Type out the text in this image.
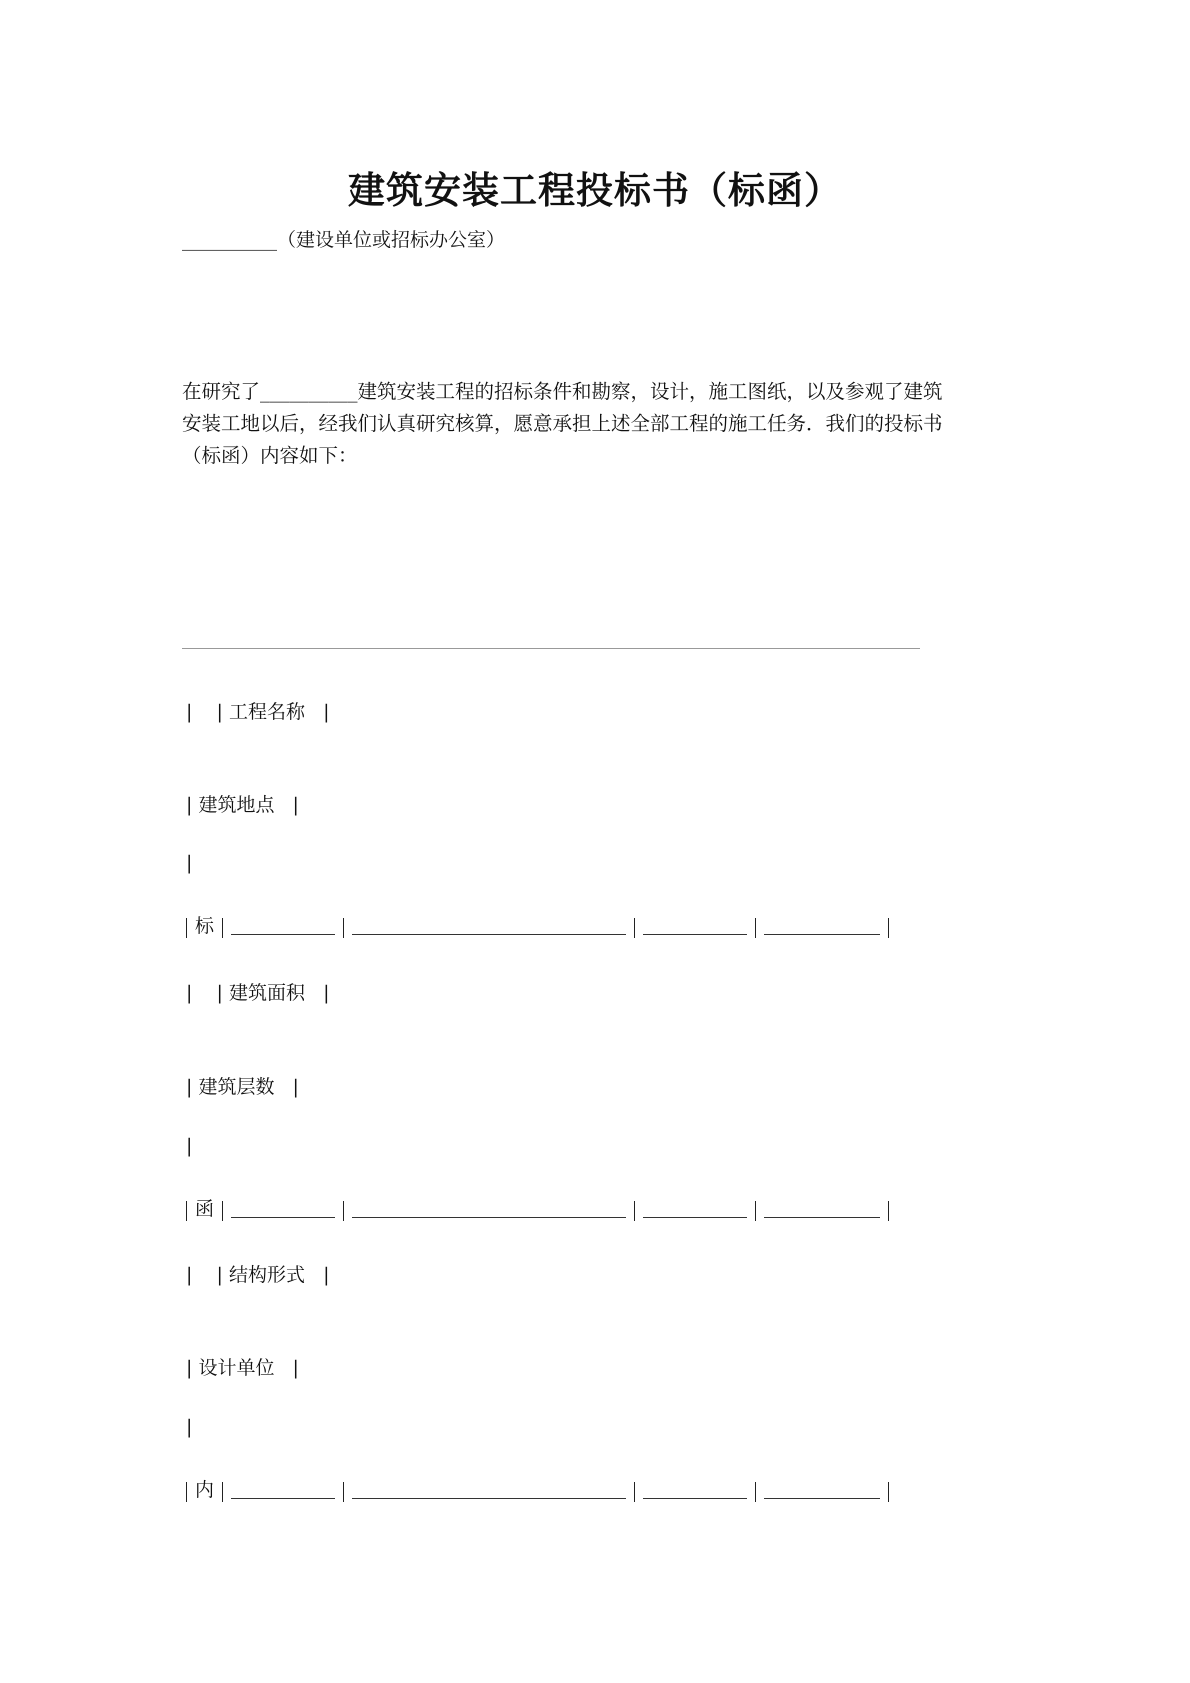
建筑安装工程投标书（标函）
__________（建设单位或招标办公室）
在研究了__________建筑安装工程的招标条件和勘察，设计，施工图纸，以及参观了建筑
安装工地以后，经我们认真研究核算，愿意承担上述全部工程的施工任务．我们的投标书
（标函）内容如下：
|    | 工程名称   |
| 建筑地点   |
|
标
|    | 建筑面积   |
| 建筑层数   |
|
函
|    | 结构形式   |
| 设计单位   |
|
内
